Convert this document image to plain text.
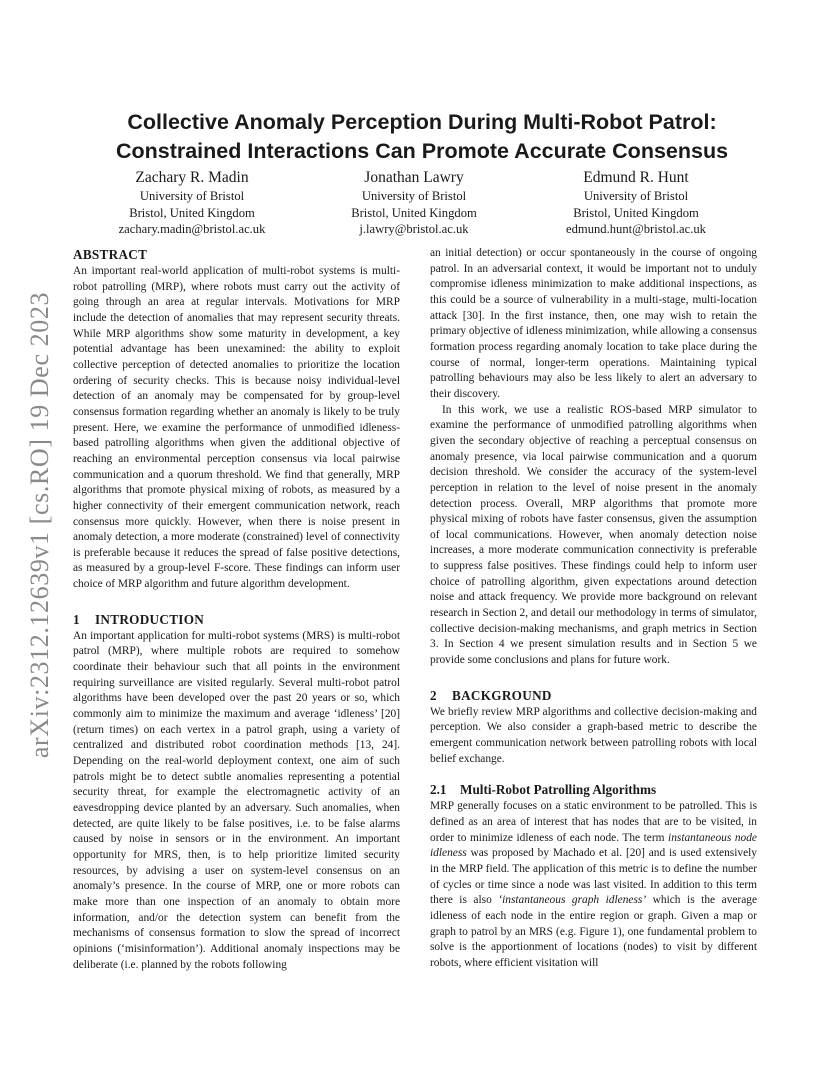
arXiv:2312.12639v1 [cs.RO] 19 Dec 2023
Collective Anomaly Perception During Multi-Robot Patrol: Constrained Interactions Can Promote Accurate Consensus
Zachary R. Madin
University of Bristol
Bristol, United Kingdom
zachary.madin@bristol.ac.uk
Jonathan Lawry
University of Bristol
Bristol, United Kingdom
j.lawry@bristol.ac.uk
Edmund R. Hunt
University of Bristol
Bristol, United Kingdom
edmund.hunt@bristol.ac.uk
ABSTRACT

An important real-world application of multi-robot systems is multi-robot patrolling (MRP), where robots must carry out the activity of going through an area at regular intervals. Motivations for MRP include the detection of anomalies that may represent security threats. While MRP algorithms show some maturity in development, a key potential advantage has been unexamined: the ability to exploit collective perception of detected anomalies to prioritize the location ordering of security checks. This is because noisy individual-level detection of an anomaly may be compensated for by group-level consensus formation regarding whether an anomaly is likely to be truly present. Here, we examine the performance of unmodified idleness-based patrolling algorithms when given the additional objective of reaching an environmental perception consensus via local pairwise communication and a quorum threshold. We find that generally, MRP algorithms that promote physical mixing of robots, as measured by a higher connectivity of their emergent communication network, reach consensus more quickly. However, when there is noise present in anomaly detection, a more moderate (constrained) level of connectivity is preferable because it reduces the spread of false positive detections, as measured by a group-level F-score. These findings can inform user choice of MRP algorithm and future algorithm development.

1 INTRODUCTION

An important application for multi-robot systems (MRS) is multi-robot patrol (MRP), where multiple robots are required to somehow coordinate their behaviour such that all points in the environment requiring surveillance are visited regularly. Several multi-robot patrol algorithms have been developed over the past 20 years or so, which commonly aim to minimize the maximum and average ‘idleness’ [20] (return times) on each vertex in a patrol graph, using a variety of centralized and distributed robot coordination methods [13, 24]. Depending on the real-world deployment context, one aim of such patrols might be to detect subtle anomalies representing a potential security threat, for example the electromagnetic activity of an eavesdropping device planted by an adversary. Such anomalies, when detected, are quite likely to be false positives, i.e. to be false alarms caused by noise in sensors or in the environment. An important opportunity for MRS, then, is to help prioritize limited security resources, by advising a user on system-level consensus on an anomaly’s presence. In the course of MRP, one or more robots can make more than one inspection of an anomaly to obtain more information, and/or the detection system can benefit from the mechanisms of consensus formation to slow the spread of incorrect opinions (‘misinformation’). Additional anomaly inspections may be deliberate (i.e. planned by the robots following

an initial detection) or occur spontaneously in the course of ongoing patrol. In an adversarial context, it would be important not to unduly compromise idleness minimization to make additional inspections, as this could be a source of vulnerability in a multi-stage, multi-location attack [30]. In the first instance, then, one may wish to retain the primary objective of idleness minimization, while allowing a consensus formation process regarding anomaly location to take place during the course of normal, longer-term operations. Maintaining typical patrolling behaviours may also be less likely to alert an adversary to their discovery.

In this work, we use a realistic ROS-based MRP simulator to examine the performance of unmodified patrolling algorithms when given the secondary objective of reaching a perceptual consensus on anomaly presence, via local pairwise communication and a quorum decision threshold. We consider the accuracy of the system-level perception in relation to the level of noise present in the anomaly detection process. Overall, MRP algorithms that promote more physical mixing of robots have faster consensus, given the assumption of local communications. However, when anomaly detection noise increases, a more moderate communication connectivity is preferable to suppress false positives. These findings could help to inform user choice of patrolling algorithm, given expectations around detection noise and attack frequency. We provide more background on relevant research in Section 2, and detail our methodology in terms of simulator, collective decision-making mechanisms, and graph metrics in Section 3. In Section 4 we present simulation results and in Section 5 we provide some conclusions and plans for future work.

2 BACKGROUND

We briefly review MRP algorithms and collective decision-making and perception. We also consider a graph-based metric to describe the emergent communication network between patrolling robots with local belief exchange.

2.1 Multi-Robot Patrolling Algorithms

MRP generally focuses on a static environment to be patrolled. This is defined as an area of interest that has nodes that are to be visited, in order to minimize idleness of each node. The term instantaneous node idleness was proposed by Machado et al. [20] and is used extensively in the MRP field. The application of this metric is to define the number of cycles or time since a node was last visited. In addition to this term there is also ‘instantaneous graph idleness’ which is the average idleness of each node in the entire region or graph. Given a map or graph to patrol by an MRS (e.g. Figure 1), one fundamental problem to solve is the apportionment of locations (nodes) to visit by different robots, where efficient visitation will
